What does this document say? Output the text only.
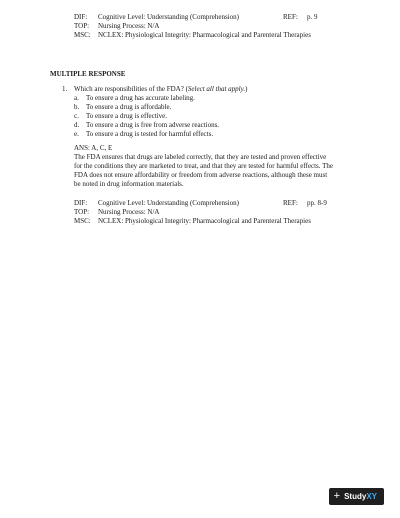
DIF: Cognitive Level: Understanding (Comprehension)	REF: p. 9
TOP: Nursing Process: N/A
MSC: NCLEX: Physiological Integrity: Pharmacological and Parenteral Therapies
MULTIPLE RESPONSE
1. Which are responsibilities of the FDA? (Select all that apply.)
a. To ensure a drug has accurate labeling.
b. To ensure a drug is affordable.
c. To ensure a drug is effective.
d. To ensure a drug is free from adverse reactions.
e. To ensure a drug is tested for harmful effects.
ANS: A, C, E
The FDA ensures that drugs are labeled correctly, that they are tested and proven effective
for the conditions they are marketed to treat, and that they are tested for harmful effects. The
FDA does not ensure affordability or freedom from adverse reactions, although these must
be noted in drug information materials.
DIF: Cognitive Level: Understanding (Comprehension)	REF: pp. 8-9
TOP: Nursing Process: N/A
MSC: NCLEX: Physiological Integrity: Pharmacological and Parenteral Therapies
+ StudyXY
